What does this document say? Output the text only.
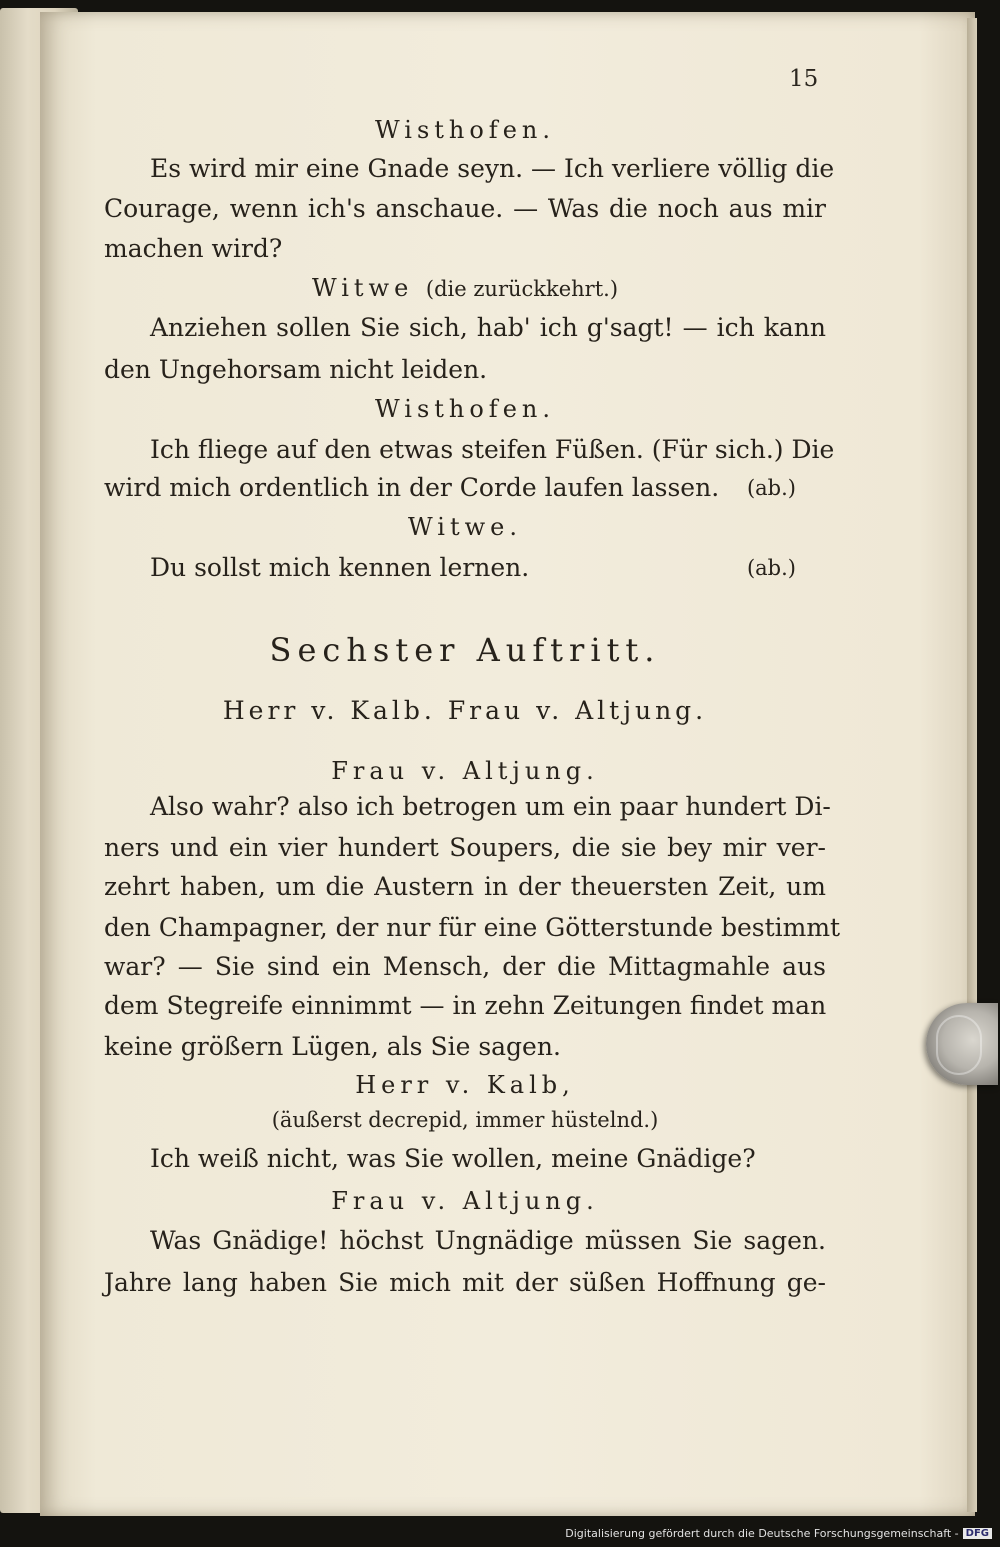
15
Wisthofen.
Es wird mir eine Gnade seyn. — Ich verliere völlig die
Courage, wenn ich's anschaue. — Was die noch aus mir
machen wird?
Witwe (die zurückkehrt.)
Anziehen sollen Sie sich, hab' ich g'sagt! — ich kann
den Ungehorsam nicht leiden.
Wisthofen.
Ich fliege auf den etwas steifen Füßen. (Für sich.) Die
wird mich ordentlich in der Corde laufen lassen. (ab.)
Witwe.
Du sollst mich kennen lernen.	(ab.)
Sechster Auftritt.
Herr v. Kalb. Frau v. Altjung.
Frau v. Altjung.
Also wahr? also ich betrogen um ein paar hundert Di-
ners und ein vier hundert Soupers, die sie bey mir ver-
zehrt haben, um die Austern in der theuersten Zeit, um
den Champagner, der nur für eine Götterstunde bestimmt
war? — Sie sind ein Mensch, der die Mittagmahle aus
dem Stegreife einnimmt — in zehn Zeitungen findet man
keine größern Lügen, als Sie sagen.
Herr v. Kalb,
(äußerst decrepid, immer hüstelnd.)
Ich weiß nicht, was Sie wollen, meine Gnädige?
Frau v. Altjung.
Was Gnädige! höchst Ungnädige müssen Sie sagen.
Jahre lang haben Sie mich mit der süßen Hoffnung ge-
Digitalisierung gefördert durch die Deutsche Forschungsgemeinschaft - DFG
